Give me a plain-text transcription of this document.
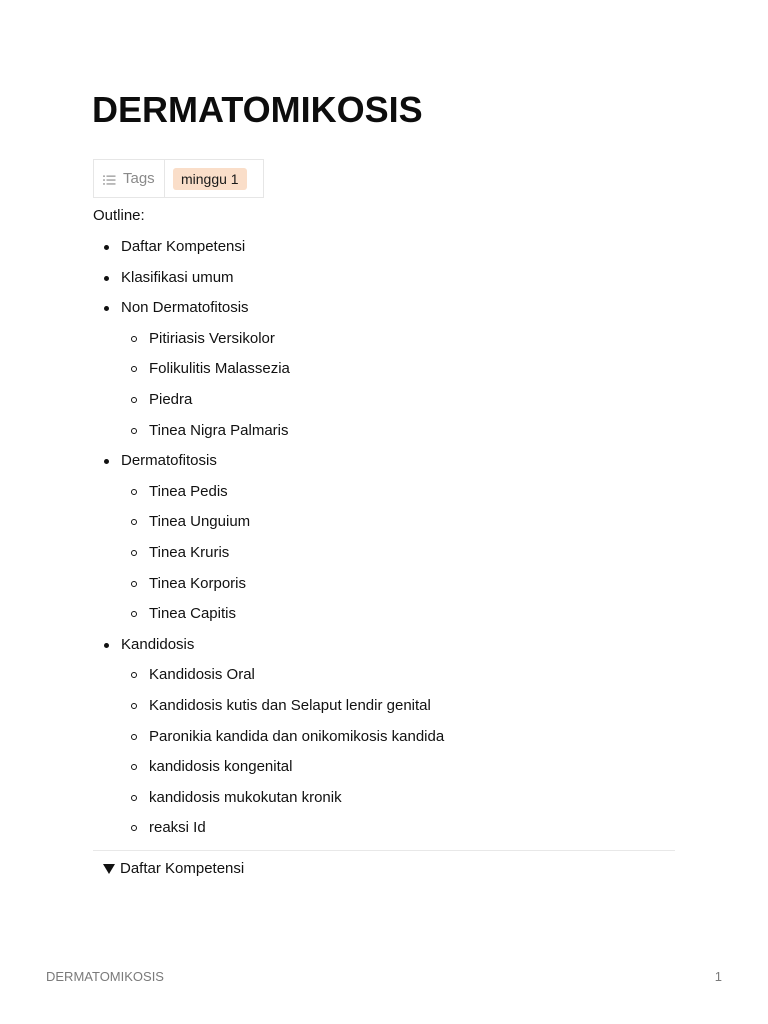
DERMATOMIKOSIS
Tags	minggu 1
Outline:
Daftar Kompetensi
Klasifikasi umum
Non Dermatofitosis
Pitiriasis Versikolor
Folikulitis Malassezia
Piedra
Tinea Nigra Palmaris
Dermatofitosis
Tinea Pedis
Tinea Unguium
Tinea Kruris
Tinea Korporis
Tinea Capitis
Kandidosis
Kandidosis Oral
Kandidosis kutis dan Selaput lendir genital
Paronikia kandida dan onikomikosis kandida
kandidosis kongenital
kandidosis mukokutan kronik
reaksi Id
Daftar Kompetensi
DERMATOMIKOSIS	1
